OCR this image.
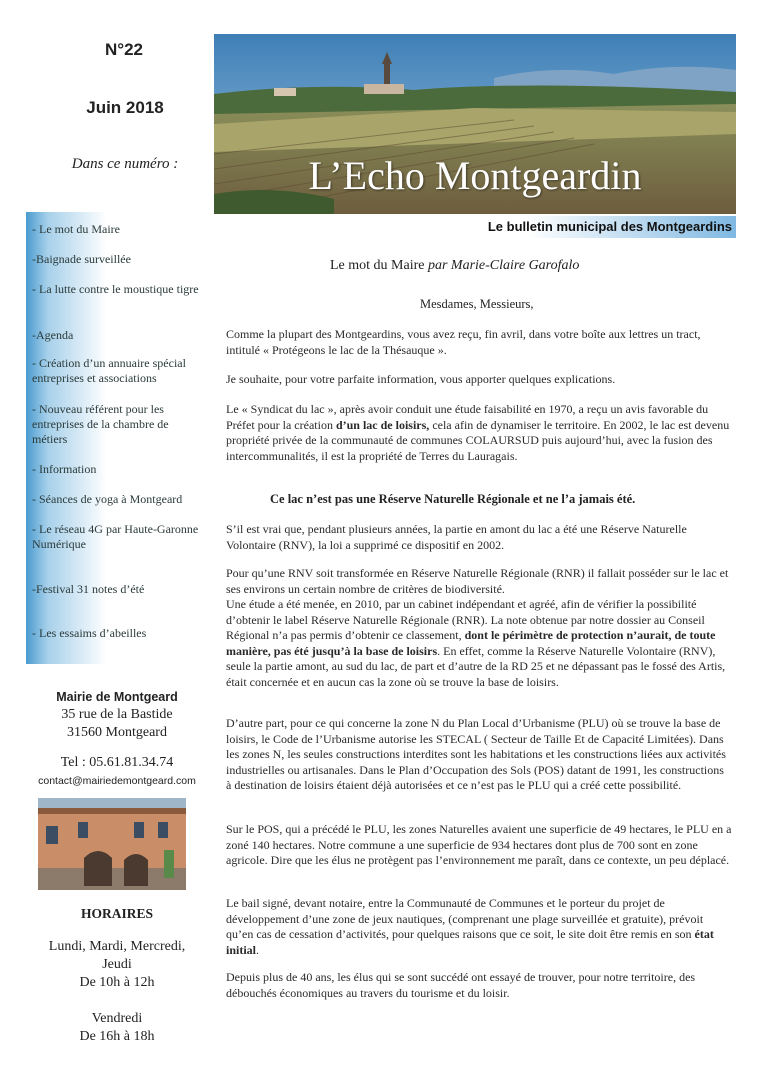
N°22
Juin 2018
Dans ce numéro :
- Le mot du Maire
-Baignade surveillée
- La lutte contre le moustique tigre
-Agenda
- Création d’un annuaire spécial entreprises et associations
- Nouveau référent pour les entreprises de la chambre de métiers
- Information
- Séances de yoga à Montgeard
- Le réseau 4G par Haute-Garonne Numérique
-Festival 31 notes d’été
- Les essaims d’abeilles
Mairie de Montgeard
35 rue de la Bastide
31560 Montgeard
Tel : 05.61.81.34.74
contact@mairiedemontgeard.com
HORAIRES
Lundi, Mardi, Mercredi,
Jeudi
De 10h à 12h
Vendredi
De 16h à 18h
L’Echo Montgeardin
Le bulletin municipal des Montgeardins
Le mot du Maire par Marie-Claire Garofalo
Mesdames, Messieurs,
Comme la plupart des Montgeardins, vous avez reçu, fin avril, dans votre boîte aux lettres un tract, intitulé « Protégeons le lac de la Thésauque ».
Je souhaite, pour votre parfaite information, vous apporter quelques explications.
Le « Syndicat du lac », après avoir conduit une étude faisabilité en 1970, a reçu un avis favorable du Préfet pour la création d’un lac de loisirs, cela afin de dynamiser le territoire. En 2002, le lac est devenu propriété privée de la communauté de communes COLAURSUD puis aujourd’hui, avec la fusion des intercommunalités, il est la propriété de Terres du Lauragais.
Ce lac n’est pas une Réserve Naturelle Régionale et ne l’a jamais été.
S’il est vrai que, pendant plusieurs années, la partie en amont du lac a été une Réserve Naturelle Volontaire (RNV), la loi a supprimé ce dispositif en 2002.
Pour qu’une RNV soit transformée en Réserve Naturelle Régionale (RNR) il fallait posséder sur le lac et ses environs un certain nombre de critères de biodiversité.
Une étude a été menée, en 2010, par un cabinet indépendant et agréé, afin de vérifier la possibilité d’obtenir le label Réserve Naturelle Régionale (RNR). La note obtenue par notre dossier au Conseil Régional n’a pas permis d’obtenir ce classement, dont le périmètre de protection n’aurait, de toute manière, pas été jusqu’à la base de loisirs. En effet, comme la Réserve Naturelle Volontaire (RNV), seule la partie amont, au sud du lac, de part et d’autre de la RD 25 et ne dépassant pas le fossé des Artis, était concernée et en aucun cas la zone où se trouve la base de loisirs.
D’autre part, pour ce qui concerne la zone N du Plan Local d’Urbanisme (PLU) où se trouve la base de loisirs, le Code de l’Urbanisme autorise les STECAL ( Secteur de Taille Et de Capacité Limitées). Dans les zones N, les seules constructions interdites sont les habitations et les constructions liées aux activités industrielles ou artisanales. Dans le Plan d’Occupation des Sols (POS) datant de 1991, les constructions à destination de loisirs étaient déjà autorisées et ce n’est pas le PLU qui a créé cette possibilité.
Sur le POS, qui a précédé le PLU, les zones Naturelles avaient une superficie de 49 hectares, le PLU en a zoné 140 hectares. Notre commune a une superficie de 934 hectares dont plus de 700 sont en zone agricole. Dire que les élus ne protègent pas l’environnement me paraît, dans ce contexte, un peu déplacé.
Le bail signé, devant notaire, entre la Communauté de Communes et le porteur du projet de développement d’une zone de jeux nautiques, (comprenant une plage surveillée et gratuite), prévoit qu’en cas de cessation d’activités, pour quelques raisons que ce soit, le site doit être remis en son état initial.
Depuis plus de 40 ans, les élus qui se sont succédé ont essayé de trouver, pour notre territoire, des débouchés économiques au travers du tourisme et du loisir.
